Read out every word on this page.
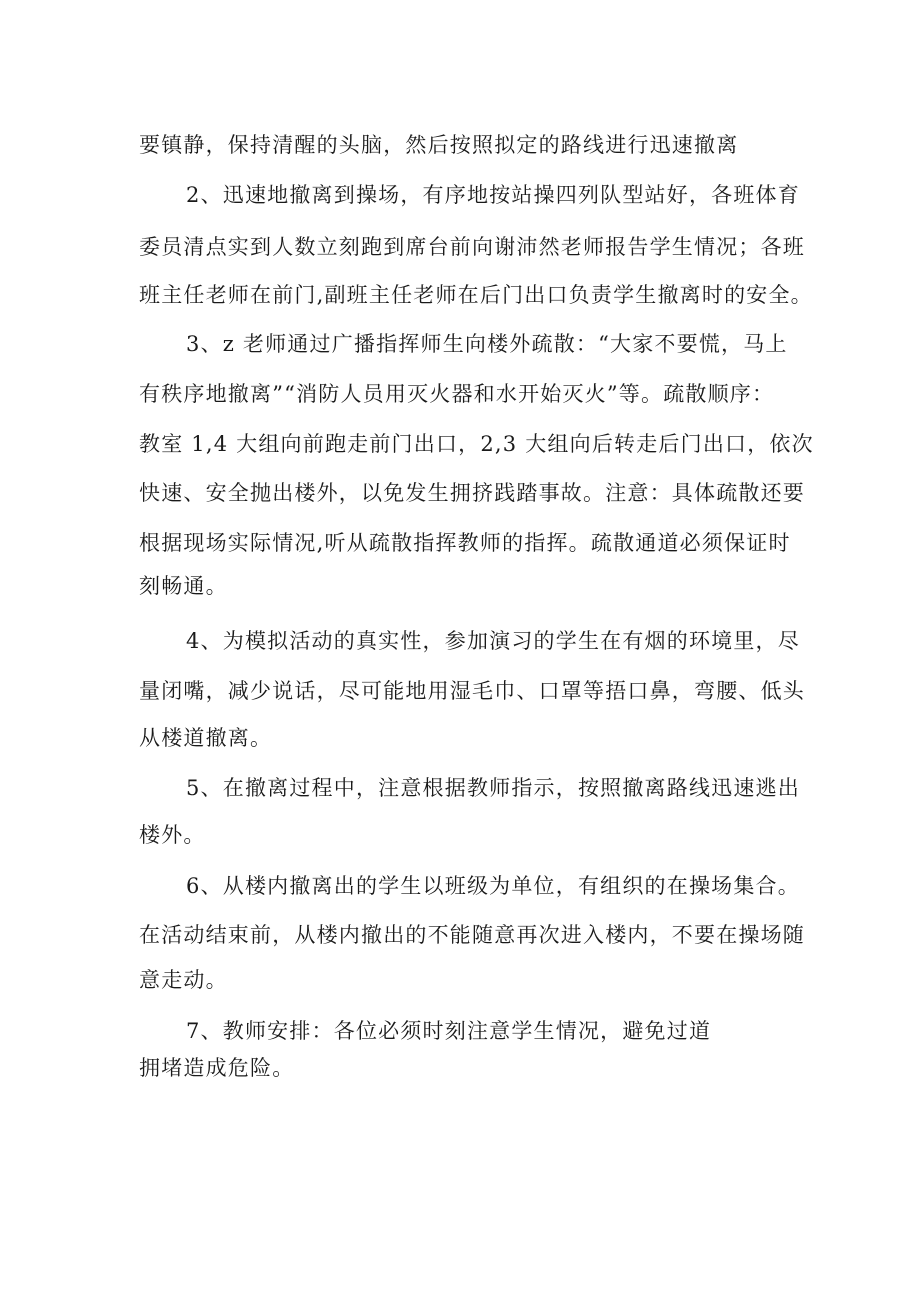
要镇静，保持清醒的头脑，然后按照拟定的路线进行迅速撤离
2、迅速地撤离到操场，有序地按站操四列队型站好，各班体育
委员清点实到人数立刻跑到席台前向谢沛然老师报告学生情况；各班
班主任老师在前门,副班主任老师在后门出口负责学生撤离时的安全。
3、z 老师通过广播指挥师生向楼外疏散：“大家不要慌，马上
有秩序地撤离”“消防人员用灭火器和水开始灭火”等。疏散顺序：
教室 1,4 大组向前跑走前门出口，2,3 大组向后转走后门出口，依次
快速、安全抛出楼外，以免发生拥挤践踏事故。注意：具体疏散还要
根据现场实际情况,听从疏散指挥教师的指挥。疏散通道必须保证时
刻畅通。
4、为模拟活动的真实性，参加演习的学生在有烟的环境里，尽
量闭嘴，减少说话，尽可能地用湿毛巾、口罩等捂口鼻，弯腰、低头
从楼道撤离。
5、在撤离过程中，注意根据教师指示，按照撤离路线迅速逃出
楼外。
6、从楼内撤离出的学生以班级为单位，有组织的在操场集合。
在活动结束前，从楼内撤出的不能随意再次进入楼内，不要在操场随
意走动。
7、教师安排：各位必须时刻注意学生情况，避免过道
拥堵造成危险。
